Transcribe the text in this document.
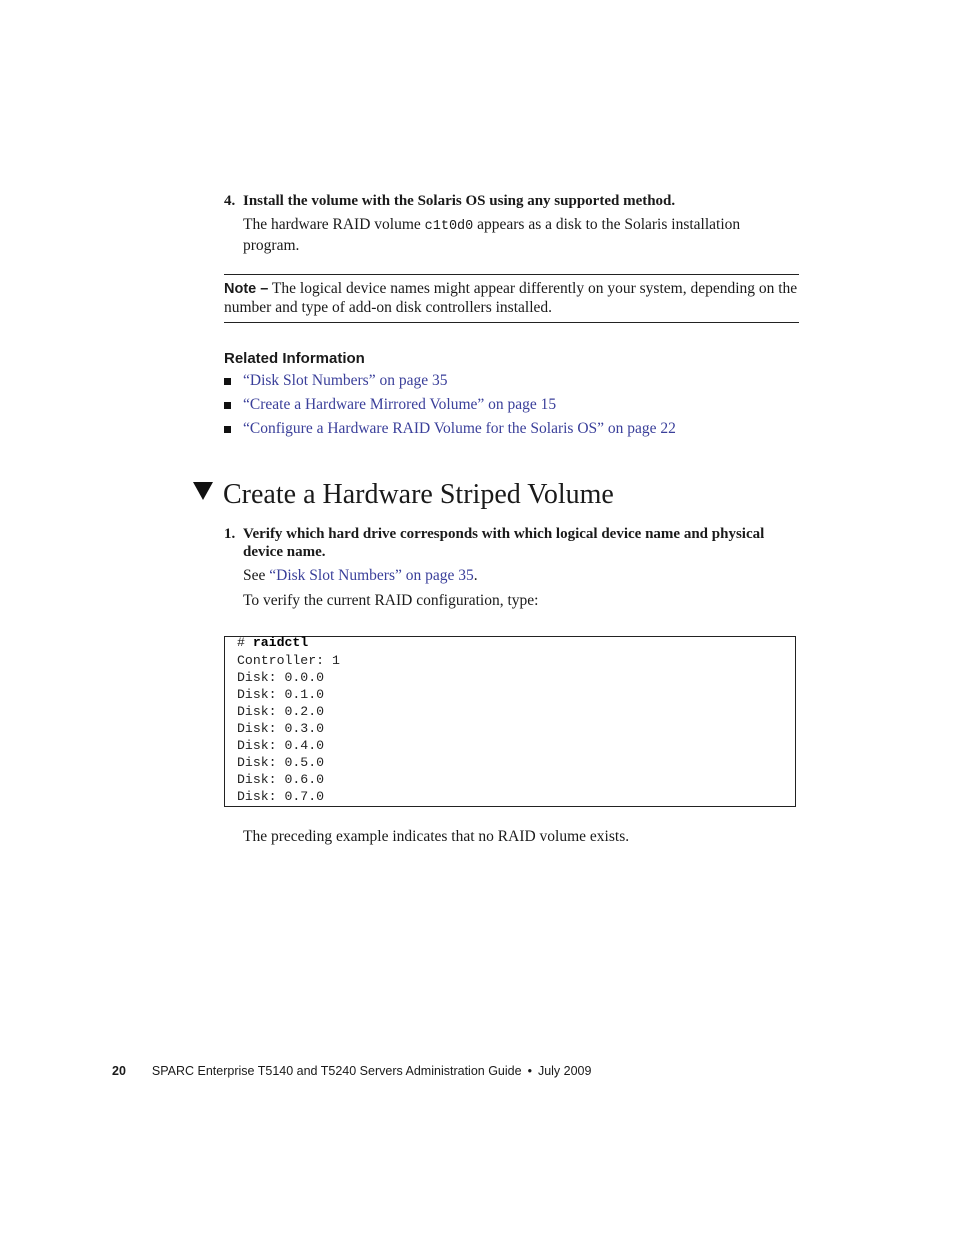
4. Install the volume with the Solaris OS using any supported method.
The hardware RAID volume c1t0d0 appears as a disk to the Solaris installation program.
Note – The logical device names might appear differently on your system, depending on the number and type of add-on disk controllers installed.
Related Information
“Disk Slot Numbers” on page 35
“Create a Hardware Mirrored Volume” on page 15
“Configure a Hardware RAID Volume for the Solaris OS” on page 22
Create a Hardware Striped Volume
1. Verify which hard drive corresponds with which logical device name and physical device name.
See “Disk Slot Numbers” on page 35.
To verify the current RAID configuration, type:
# raidctl
Controller: 1
Disk: 0.0.0
Disk: 0.1.0
Disk: 0.2.0
Disk: 0.3.0
Disk: 0.4.0
Disk: 0.5.0
Disk: 0.6.0
Disk: 0.7.0
The preceding example indicates that no RAID volume exists.
20 SPARC Enterprise T5140 and T5240 Servers Administration Guide • July 2009
